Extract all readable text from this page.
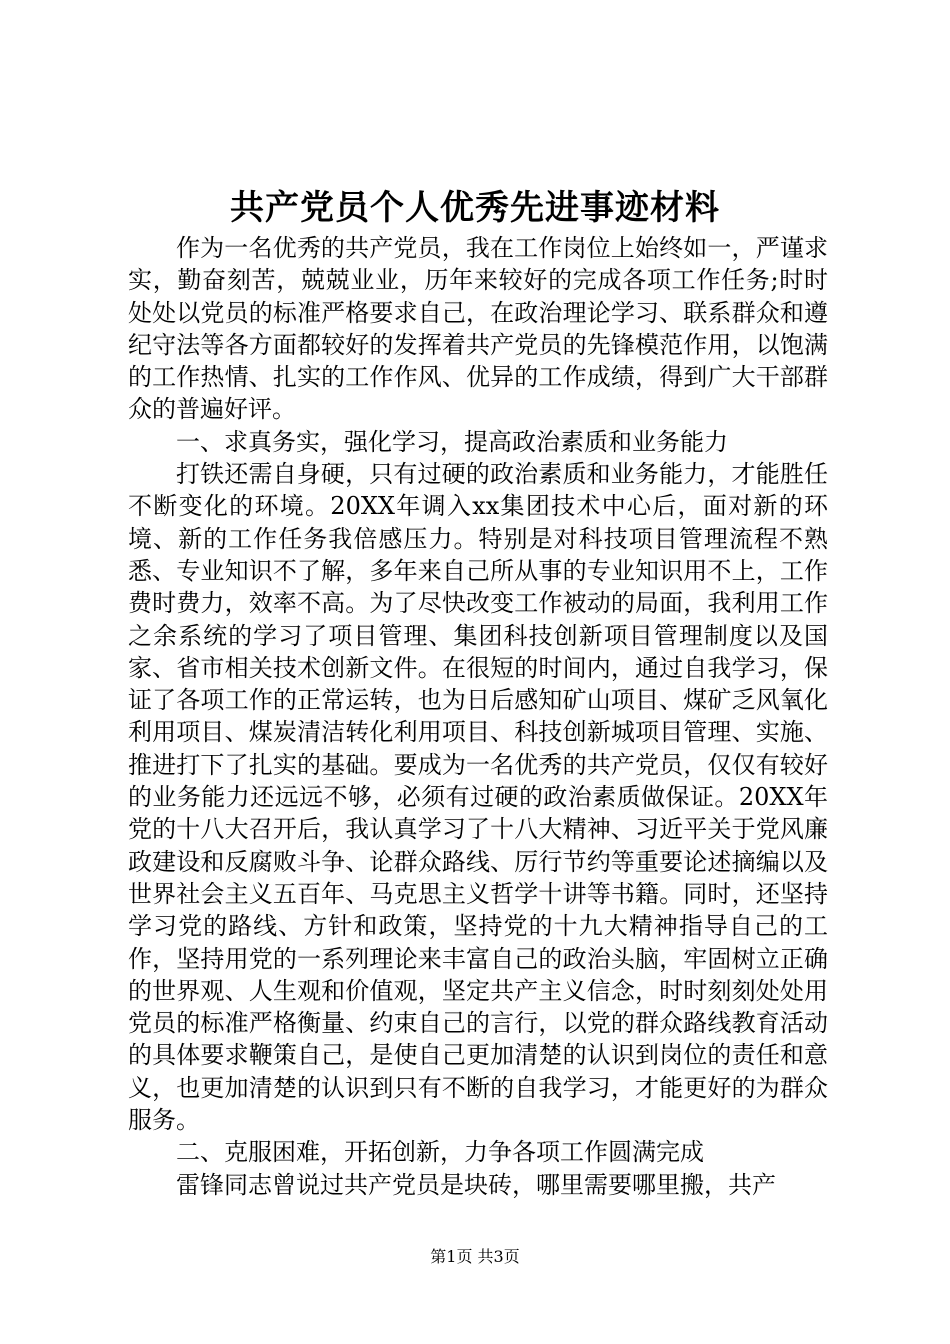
共产党员个人优秀先进事迹材料

作为一名优秀的共产党员，我在工作岗位上始终如一，严谨求实，勤奋刻苦，兢兢业业，历年来较好的完成各项工作任务;时时处处以党员的标准严格要求自己，在政治理论学习、联系群众和遵纪守法等各方面都较好的发挥着共产党员的先锋模范作用，以饱满的工作热情、扎实的工作作风、优异的工作成绩，得到广大干部群众的普遍好评。

一、求真务实，强化学习，提高政治素质和业务能力

打铁还需自身硬，只有过硬的政治素质和业务能力，才能胜任不断变化的环境。20XX年调入xx集团技术中心后，面对新的环境、新的工作任务我倍感压力。特别是对科技项目管理流程不熟悉、专业知识不了解，多年来自己所从事的专业知识用不上，工作费时费力，效率不高。为了尽快改变工作被动的局面，我利用工作之余系统的学习了项目管理、集团科技创新项目管理制度以及国家、省市相关技术创新文件。在很短的时间内，通过自我学习，保证了各项工作的正常运转，也为日后感知矿山项目、煤矿乏风氧化利用项目、煤炭清洁转化利用项目、科技创新城项目管理、实施、推进打下了扎实的基础。要成为一名优秀的共产党员，仅仅有较好的业务能力还远远不够，必须有过硬的政治素质做保证。20XX年党的十八大召开后，我认真学习了十八大精神、习近平关于党风廉政建设和反腐败斗争、论群众路线、厉行节约等重要论述摘编以及世界社会主义五百年、马克思主义哲学十讲等书籍。同时，还坚持学习党的路线、方针和政策，坚持党的十九大精神指导自己的工作，坚持用党的一系列理论来丰富自己的政治头脑，牢固树立正确的世界观、人生观和价值观，坚定共产主义信念，时时刻刻处处用党员的标准严格衡量、约束自己的言行，以党的群众路线教育活动的具体要求鞭策自己，是使自己更加清楚的认识到岗位的责任和意义，也更加清楚的认识到只有不断的自我学习，才能更好的为群众服务。

二、克服困难，开拓创新，力争各项工作圆满完成

雷锋同志曾说过共产党员是块砖，哪里需要哪里搬，共产

第1页 共3页
